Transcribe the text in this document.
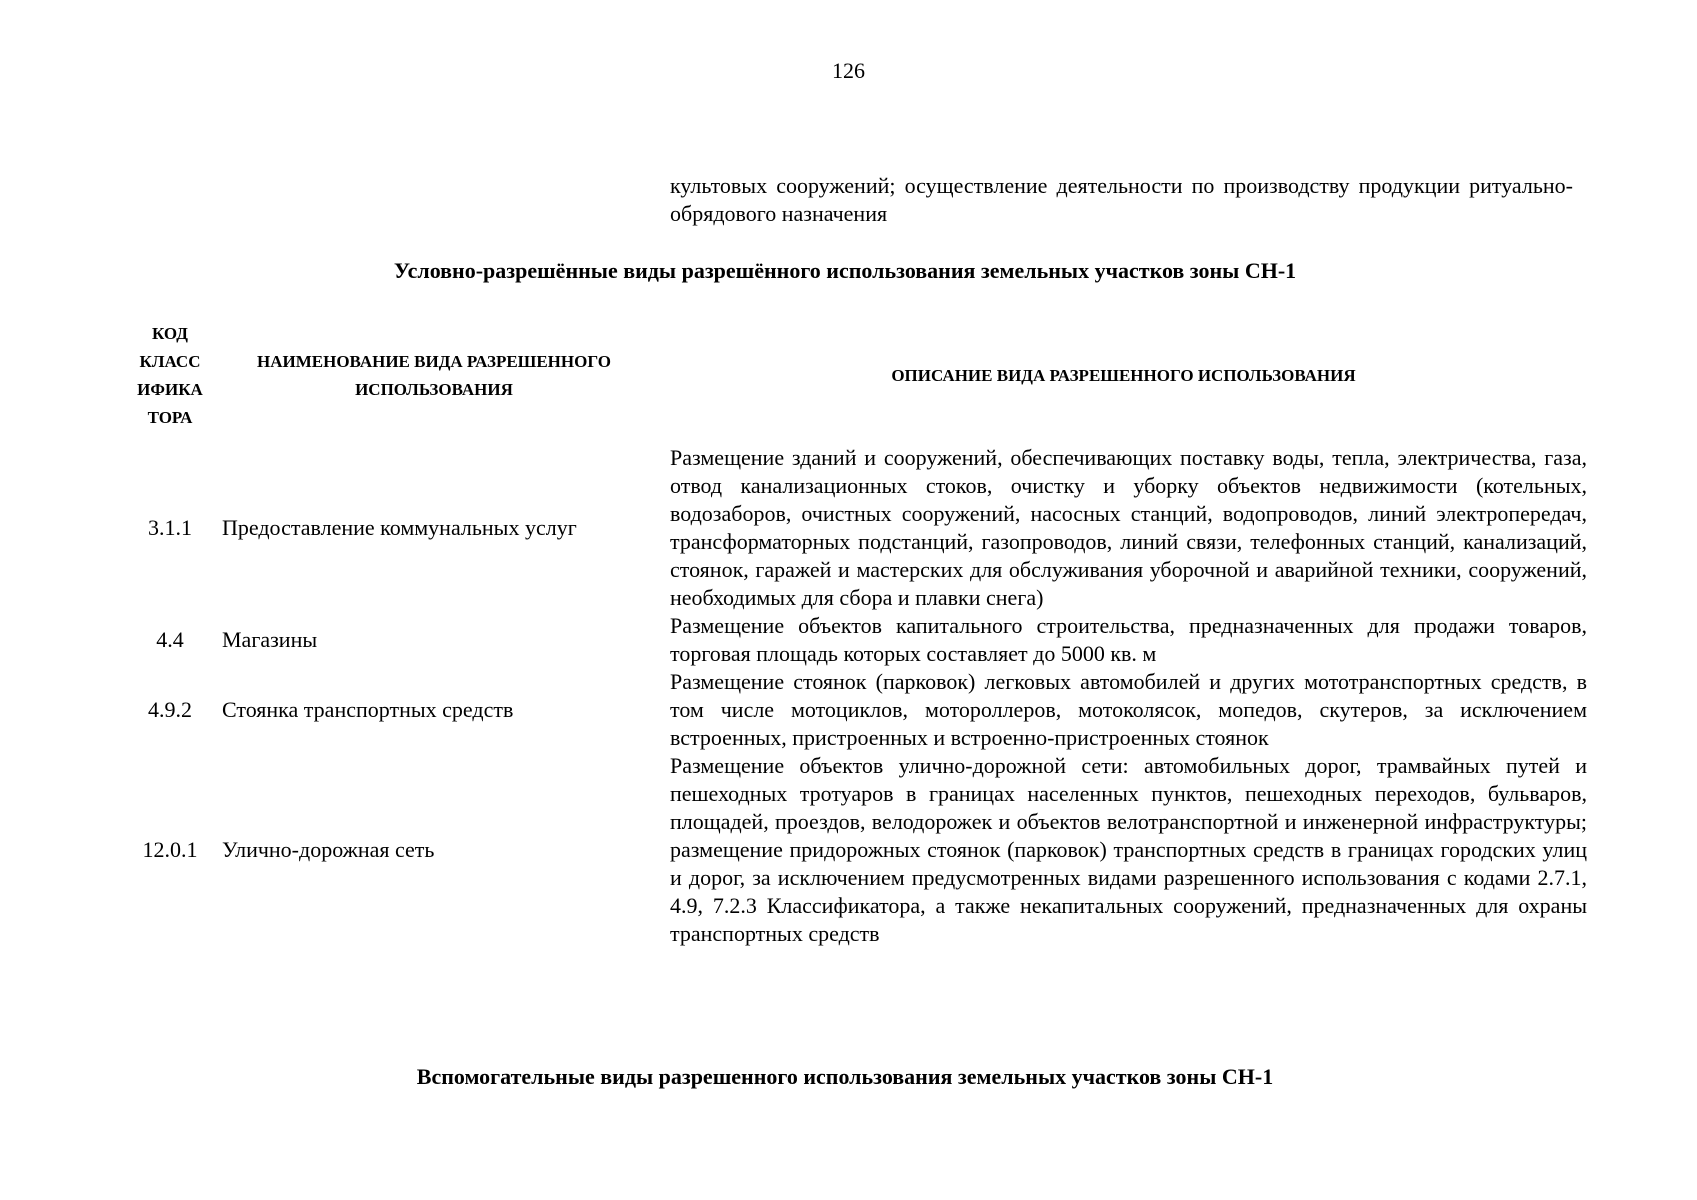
126
культовых сооружений; осуществление деятельности по производству продукции ритуально-обрядового назначения
Условно-разрешённые виды разрешённого использования земельных участков зоны СН-1
КОД КЛАСС ИФИКА ТОРА	НАИМЕНОВАНИЕ ВИДА РАЗРЕШЕННОГО ИСПОЛЬЗОВАНИЯ	ОПИСАНИЕ ВИДА РАЗРЕШЕННОГО ИСПОЛЬЗОВАНИЯ
3.1.1	Предоставление коммунальных услуг	Размещение зданий и сооружений, обеспечивающих поставку воды, тепла, электричества, газа, отвод канализационных стоков, очистку и уборку объектов недвижимости (котельных, водозаборов, очистных сооружений, насосных станций, водопроводов, линий электропередач, трансформаторных подстанций, газопроводов, линий связи, телефонных станций, канализаций, стоянок, гаражей и мастерских для обслуживания уборочной и аварийной техники, сооружений, необходимых для сбора и плавки снега)
4.4	Магазины	Размещение объектов капитального строительства, предназначенных для продажи товаров, торговая площадь которых составляет до 5000 кв. м
4.9.2	Стоянка транспортных средств	Размещение стоянок (парковок) легковых автомобилей и других мототранспортных средств, в том числе мотоциклов, мотороллеров, мотоколясок, мопедов, скутеров, за исключением встроенных, пристроенных и встроенно-пристроенных стоянок
12.0.1	Улично-дорожная сеть	Размещение объектов улично-дорожной сети: автомобильных дорог, трамвайных путей и пешеходных тротуаров в границах населенных пунктов, пешеходных переходов, бульваров, площадей, проездов, велодорожек и объектов велотранспортной и инженерной инфраструктуры; размещение придорожных стоянок (парковок) транспортных средств в границах городских улиц и дорог, за исключением предусмотренных видами разрешенного использования с кодами 2.7.1, 4.9, 7.2.3 Классификатора, а также некапитальных сооружений, предназначенных для охраны транспортных средств
Вспомогательные виды разрешенного использования земельных участков зоны СН-1
